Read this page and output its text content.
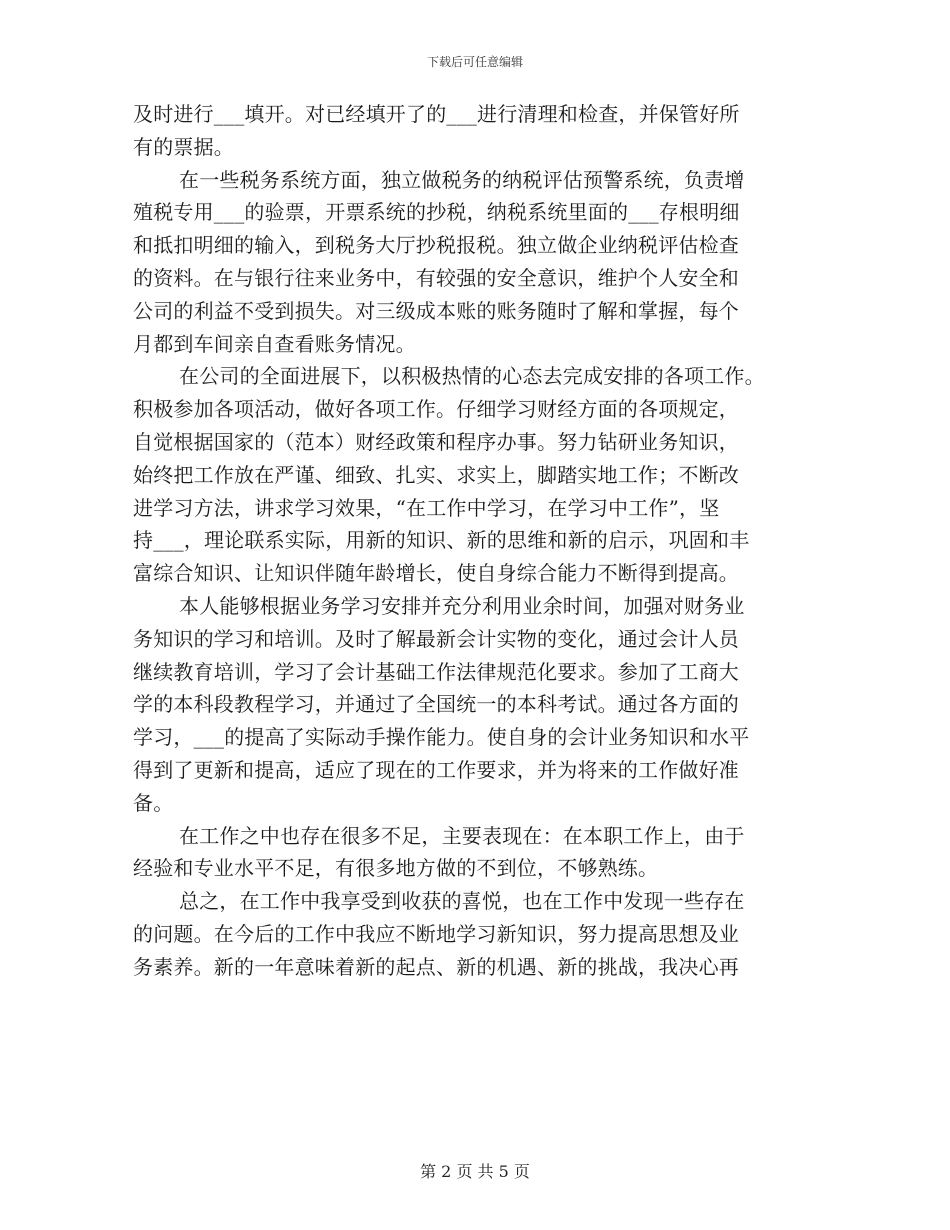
下载后可任意编辑
及时进行___填开。对已经填开了的___进行清理和检查，并保管好所
有的票据。
在一些税务系统方面，独立做税务的纳税评估预警系统，负责增
殖税专用___的验票，开票系统的抄税，纳税系统里面的___存根明细
和抵扣明细的输入，到税务大厅抄税报税。独立做企业纳税评估检查
的资料。在与银行往来业务中，有较强的安全意识，维护个人安全和
公司的利益不受到损失。对三级成本账的账务随时了解和掌握，每个
月都到车间亲自查看账务情况。
在公司的全面进展下，以积极热情的心态去完成安排的各项工作。
积极参加各项活动，做好各项工作。仔细学习财经方面的各项规定，
自觉根据国家的（范本）财经政策和程序办事。努力钻研业务知识，
始终把工作放在严谨、细致、扎实、求实上，脚踏实地工作；不断改
进学习方法，讲求学习效果，“在工作中学习，在学习中工作”，坚
持___，理论联系实际，用新的知识、新的思维和新的启示，巩固和丰
富综合知识、让知识伴随年龄增长，使自身综合能力不断得到提高。
本人能够根据业务学习安排并充分利用业余时间，加强对财务业
务知识的学习和培训。及时了解最新会计实物的变化，通过会计人员
继续教育培训，学习了会计基础工作法律规范化要求。参加了工商大
学的本科段教程学习，并通过了全国统一的本科考试。通过各方面的
学习，___的提高了实际动手操作能力。使自身的会计业务知识和水平
得到了更新和提高，适应了现在的工作要求，并为将来的工作做好准
备。
在工作之中也存在很多不足，主要表现在：在本职工作上，由于
经验和专业水平不足，有很多地方做的不到位，不够熟练。
总之，在工作中我享受到收获的喜悦，也在工作中发现一些存在
的问题。在今后的工作中我应不断地学习新知识，努力提高思想及业
务素养。新的一年意味着新的起点、新的机遇、新的挑战，我决心再
第 2 页 共 5 页
